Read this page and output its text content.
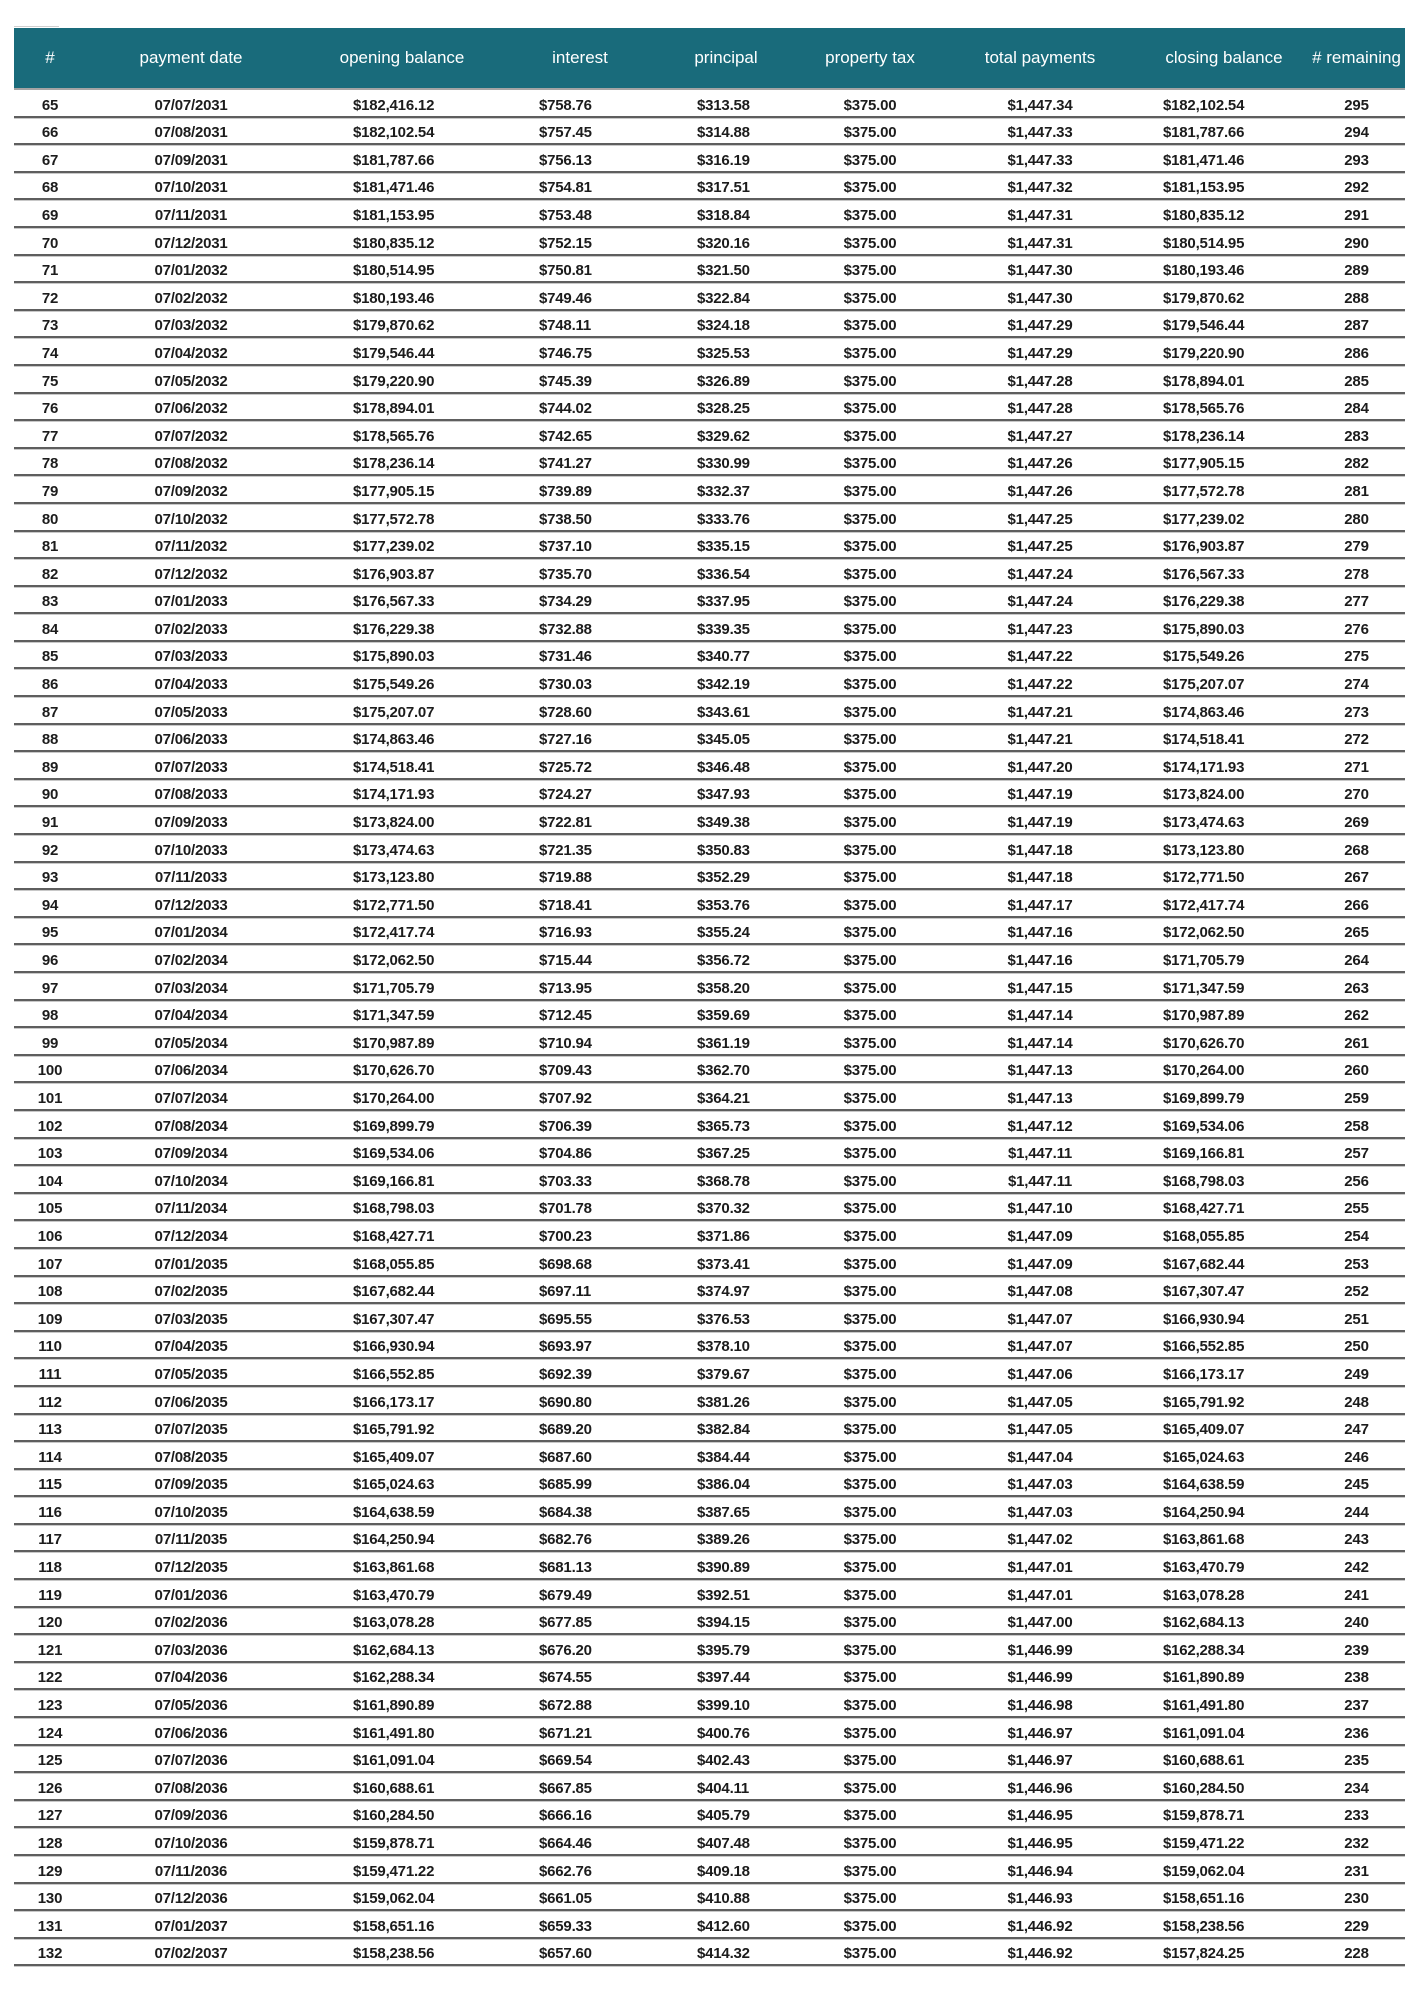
#	payment date	opening balance	interest	principal	property tax	total payments	closing balance	# remaining
65	07/07/2031	$182,416.12	$758.76	$313.58	$375.00	$1,447.34	$182,102.54	295
66	07/08/2031	$182,102.54	$757.45	$314.88	$375.00	$1,447.33	$181,787.66	294
67	07/09/2031	$181,787.66	$756.13	$316.19	$375.00	$1,447.33	$181,471.46	293
68	07/10/2031	$181,471.46	$754.81	$317.51	$375.00	$1,447.32	$181,153.95	292
69	07/11/2031	$181,153.95	$753.48	$318.84	$375.00	$1,447.31	$180,835.12	291
70	07/12/2031	$180,835.12	$752.15	$320.16	$375.00	$1,447.31	$180,514.95	290
71	07/01/2032	$180,514.95	$750.81	$321.50	$375.00	$1,447.30	$180,193.46	289
72	07/02/2032	$180,193.46	$749.46	$322.84	$375.00	$1,447.30	$179,870.62	288
73	07/03/2032	$179,870.62	$748.11	$324.18	$375.00	$1,447.29	$179,546.44	287
74	07/04/2032	$179,546.44	$746.75	$325.53	$375.00	$1,447.29	$179,220.90	286
75	07/05/2032	$179,220.90	$745.39	$326.89	$375.00	$1,447.28	$178,894.01	285
76	07/06/2032	$178,894.01	$744.02	$328.25	$375.00	$1,447.28	$178,565.76	284
77	07/07/2032	$178,565.76	$742.65	$329.62	$375.00	$1,447.27	$178,236.14	283
78	07/08/2032	$178,236.14	$741.27	$330.99	$375.00	$1,447.26	$177,905.15	282
79	07/09/2032	$177,905.15	$739.89	$332.37	$375.00	$1,447.26	$177,572.78	281
80	07/10/2032	$177,572.78	$738.50	$333.76	$375.00	$1,447.25	$177,239.02	280
81	07/11/2032	$177,239.02	$737.10	$335.15	$375.00	$1,447.25	$176,903.87	279
82	07/12/2032	$176,903.87	$735.70	$336.54	$375.00	$1,447.24	$176,567.33	278
83	07/01/2033	$176,567.33	$734.29	$337.95	$375.00	$1,447.24	$176,229.38	277
84	07/02/2033	$176,229.38	$732.88	$339.35	$375.00	$1,447.23	$175,890.03	276
85	07/03/2033	$175,890.03	$731.46	$340.77	$375.00	$1,447.22	$175,549.26	275
86	07/04/2033	$175,549.26	$730.03	$342.19	$375.00	$1,447.22	$175,207.07	274
87	07/05/2033	$175,207.07	$728.60	$343.61	$375.00	$1,447.21	$174,863.46	273
88	07/06/2033	$174,863.46	$727.16	$345.05	$375.00	$1,447.21	$174,518.41	272
89	07/07/2033	$174,518.41	$725.72	$346.48	$375.00	$1,447.20	$174,171.93	271
90	07/08/2033	$174,171.93	$724.27	$347.93	$375.00	$1,447.19	$173,824.00	270
91	07/09/2033	$173,824.00	$722.81	$349.38	$375.00	$1,447.19	$173,474.63	269
92	07/10/2033	$173,474.63	$721.35	$350.83	$375.00	$1,447.18	$173,123.80	268
93	07/11/2033	$173,123.80	$719.88	$352.29	$375.00	$1,447.18	$172,771.50	267
94	07/12/2033	$172,771.50	$718.41	$353.76	$375.00	$1,447.17	$172,417.74	266
95	07/01/2034	$172,417.74	$716.93	$355.24	$375.00	$1,447.16	$172,062.50	265
96	07/02/2034	$172,062.50	$715.44	$356.72	$375.00	$1,447.16	$171,705.79	264
97	07/03/2034	$171,705.79	$713.95	$358.20	$375.00	$1,447.15	$171,347.59	263
98	07/04/2034	$171,347.59	$712.45	$359.69	$375.00	$1,447.14	$170,987.89	262
99	07/05/2034	$170,987.89	$710.94	$361.19	$375.00	$1,447.14	$170,626.70	261
100	07/06/2034	$170,626.70	$709.43	$362.70	$375.00	$1,447.13	$170,264.00	260
101	07/07/2034	$170,264.00	$707.92	$364.21	$375.00	$1,447.13	$169,899.79	259
102	07/08/2034	$169,899.79	$706.39	$365.73	$375.00	$1,447.12	$169,534.06	258
103	07/09/2034	$169,534.06	$704.86	$367.25	$375.00	$1,447.11	$169,166.81	257
104	07/10/2034	$169,166.81	$703.33	$368.78	$375.00	$1,447.11	$168,798.03	256
105	07/11/2034	$168,798.03	$701.78	$370.32	$375.00	$1,447.10	$168,427.71	255
106	07/12/2034	$168,427.71	$700.23	$371.86	$375.00	$1,447.09	$168,055.85	254
107	07/01/2035	$168,055.85	$698.68	$373.41	$375.00	$1,447.09	$167,682.44	253
108	07/02/2035	$167,682.44	$697.11	$374.97	$375.00	$1,447.08	$167,307.47	252
109	07/03/2035	$167,307.47	$695.55	$376.53	$375.00	$1,447.07	$166,930.94	251
110	07/04/2035	$166,930.94	$693.97	$378.10	$375.00	$1,447.07	$166,552.85	250
111	07/05/2035	$166,552.85	$692.39	$379.67	$375.00	$1,447.06	$166,173.17	249
112	07/06/2035	$166,173.17	$690.80	$381.26	$375.00	$1,447.05	$165,791.92	248
113	07/07/2035	$165,791.92	$689.20	$382.84	$375.00	$1,447.05	$165,409.07	247
114	07/08/2035	$165,409.07	$687.60	$384.44	$375.00	$1,447.04	$165,024.63	246
115	07/09/2035	$165,024.63	$685.99	$386.04	$375.00	$1,447.03	$164,638.59	245
116	07/10/2035	$164,638.59	$684.38	$387.65	$375.00	$1,447.03	$164,250.94	244
117	07/11/2035	$164,250.94	$682.76	$389.26	$375.00	$1,447.02	$163,861.68	243
118	07/12/2035	$163,861.68	$681.13	$390.89	$375.00	$1,447.01	$163,470.79	242
119	07/01/2036	$163,470.79	$679.49	$392.51	$375.00	$1,447.01	$163,078.28	241
120	07/02/2036	$163,078.28	$677.85	$394.15	$375.00	$1,447.00	$162,684.13	240
121	07/03/2036	$162,684.13	$676.20	$395.79	$375.00	$1,446.99	$162,288.34	239
122	07/04/2036	$162,288.34	$674.55	$397.44	$375.00	$1,446.99	$161,890.89	238
123	07/05/2036	$161,890.89	$672.88	$399.10	$375.00	$1,446.98	$161,491.80	237
124	07/06/2036	$161,491.80	$671.21	$400.76	$375.00	$1,446.97	$161,091.04	236
125	07/07/2036	$161,091.04	$669.54	$402.43	$375.00	$1,446.97	$160,688.61	235
126	07/08/2036	$160,688.61	$667.85	$404.11	$375.00	$1,446.96	$160,284.50	234
127	07/09/2036	$160,284.50	$666.16	$405.79	$375.00	$1,446.95	$159,878.71	233
128	07/10/2036	$159,878.71	$664.46	$407.48	$375.00	$1,446.95	$159,471.22	232
129	07/11/2036	$159,471.22	$662.76	$409.18	$375.00	$1,446.94	$159,062.04	231
130	07/12/2036	$159,062.04	$661.05	$410.88	$375.00	$1,446.93	$158,651.16	230
131	07/01/2037	$158,651.16	$659.33	$412.60	$375.00	$1,446.92	$158,238.56	229
132	07/02/2037	$158,238.56	$657.60	$414.32	$375.00	$1,446.92	$157,824.25	228
